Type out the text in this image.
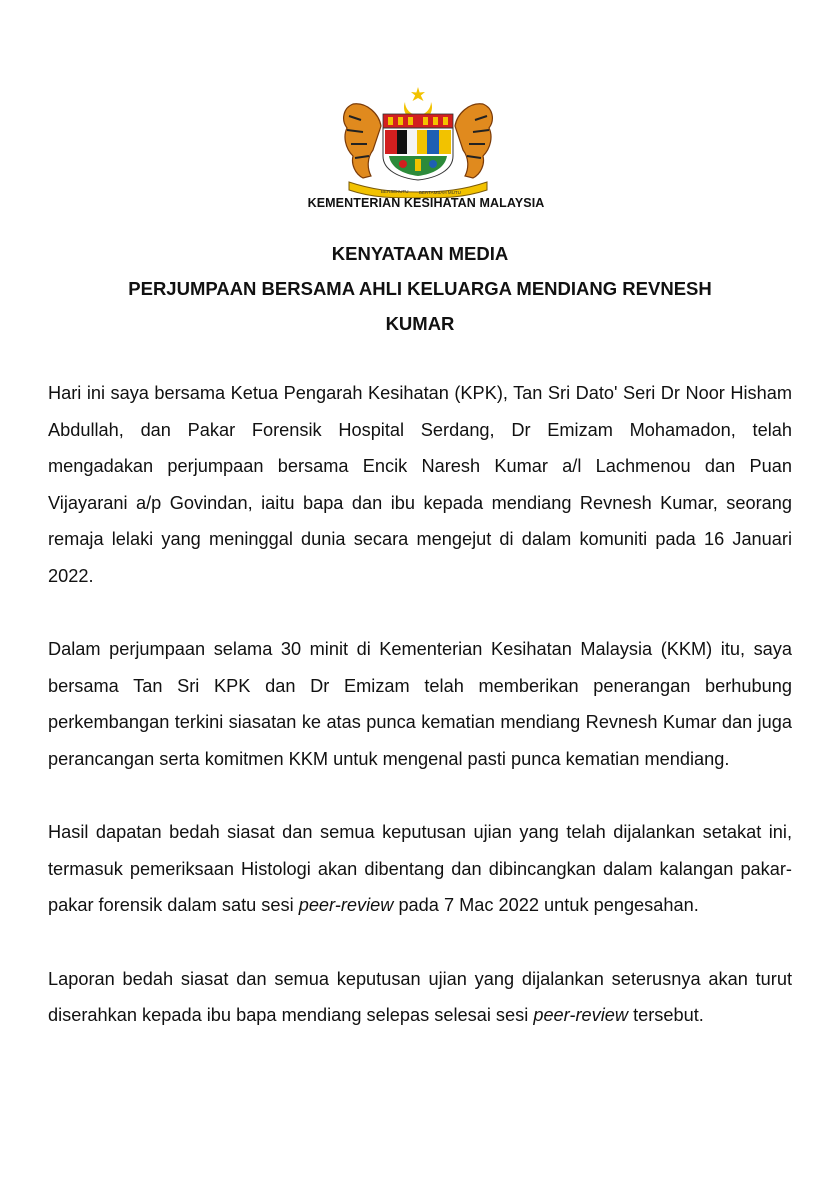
BERSEKUTU BERTAMBAH MUTU
KEMENTERIAN KESIHATAN MALAYSIA
KENYATAAN MEDIA
PERJUMPAAN BERSAMA AHLI KELUARGA MENDIANG REVNESH
KUMAR

Hari ini saya bersama Ketua Pengarah Kesihatan (KPK), Tan Sri Dato' Seri Dr Noor Hisham Abdullah, dan Pakar Forensik Hospital Serdang, Dr Emizam Mohamadon, telah mengadakan perjumpaan bersama Encik Naresh Kumar a/l Lachmenou dan Puan Vijayarani a/p Govindan, iaitu bapa dan ibu kepada mendiang Revnesh Kumar, seorang remaja lelaki yang meninggal dunia secara mengejut di dalam komuniti pada 16 Januari 2022.

Dalam perjumpaan selama 30 minit di Kementerian Kesihatan Malaysia (KKM) itu, saya bersama Tan Sri KPK dan Dr Emizam telah memberikan penerangan berhubung perkembangan terkini siasatan ke atas punca kematian mendiang Revnesh Kumar dan juga perancangan serta komitmen KKM untuk mengenal pasti punca kematian mendiang.

Hasil dapatan bedah siasat dan semua keputusan ujian yang telah dijalankan setakat ini, termasuk pemeriksaan Histologi akan dibentang dan dibincangkan dalam kalangan pakar-pakar forensik dalam satu sesi peer-review pada 7 Mac 2022 untuk pengesahan.

Laporan bedah siasat dan semua keputusan ujian yang dijalankan seterusnya akan turut diserahkan kepada ibu bapa mendiang selepas selesai sesi peer-review tersebut.
